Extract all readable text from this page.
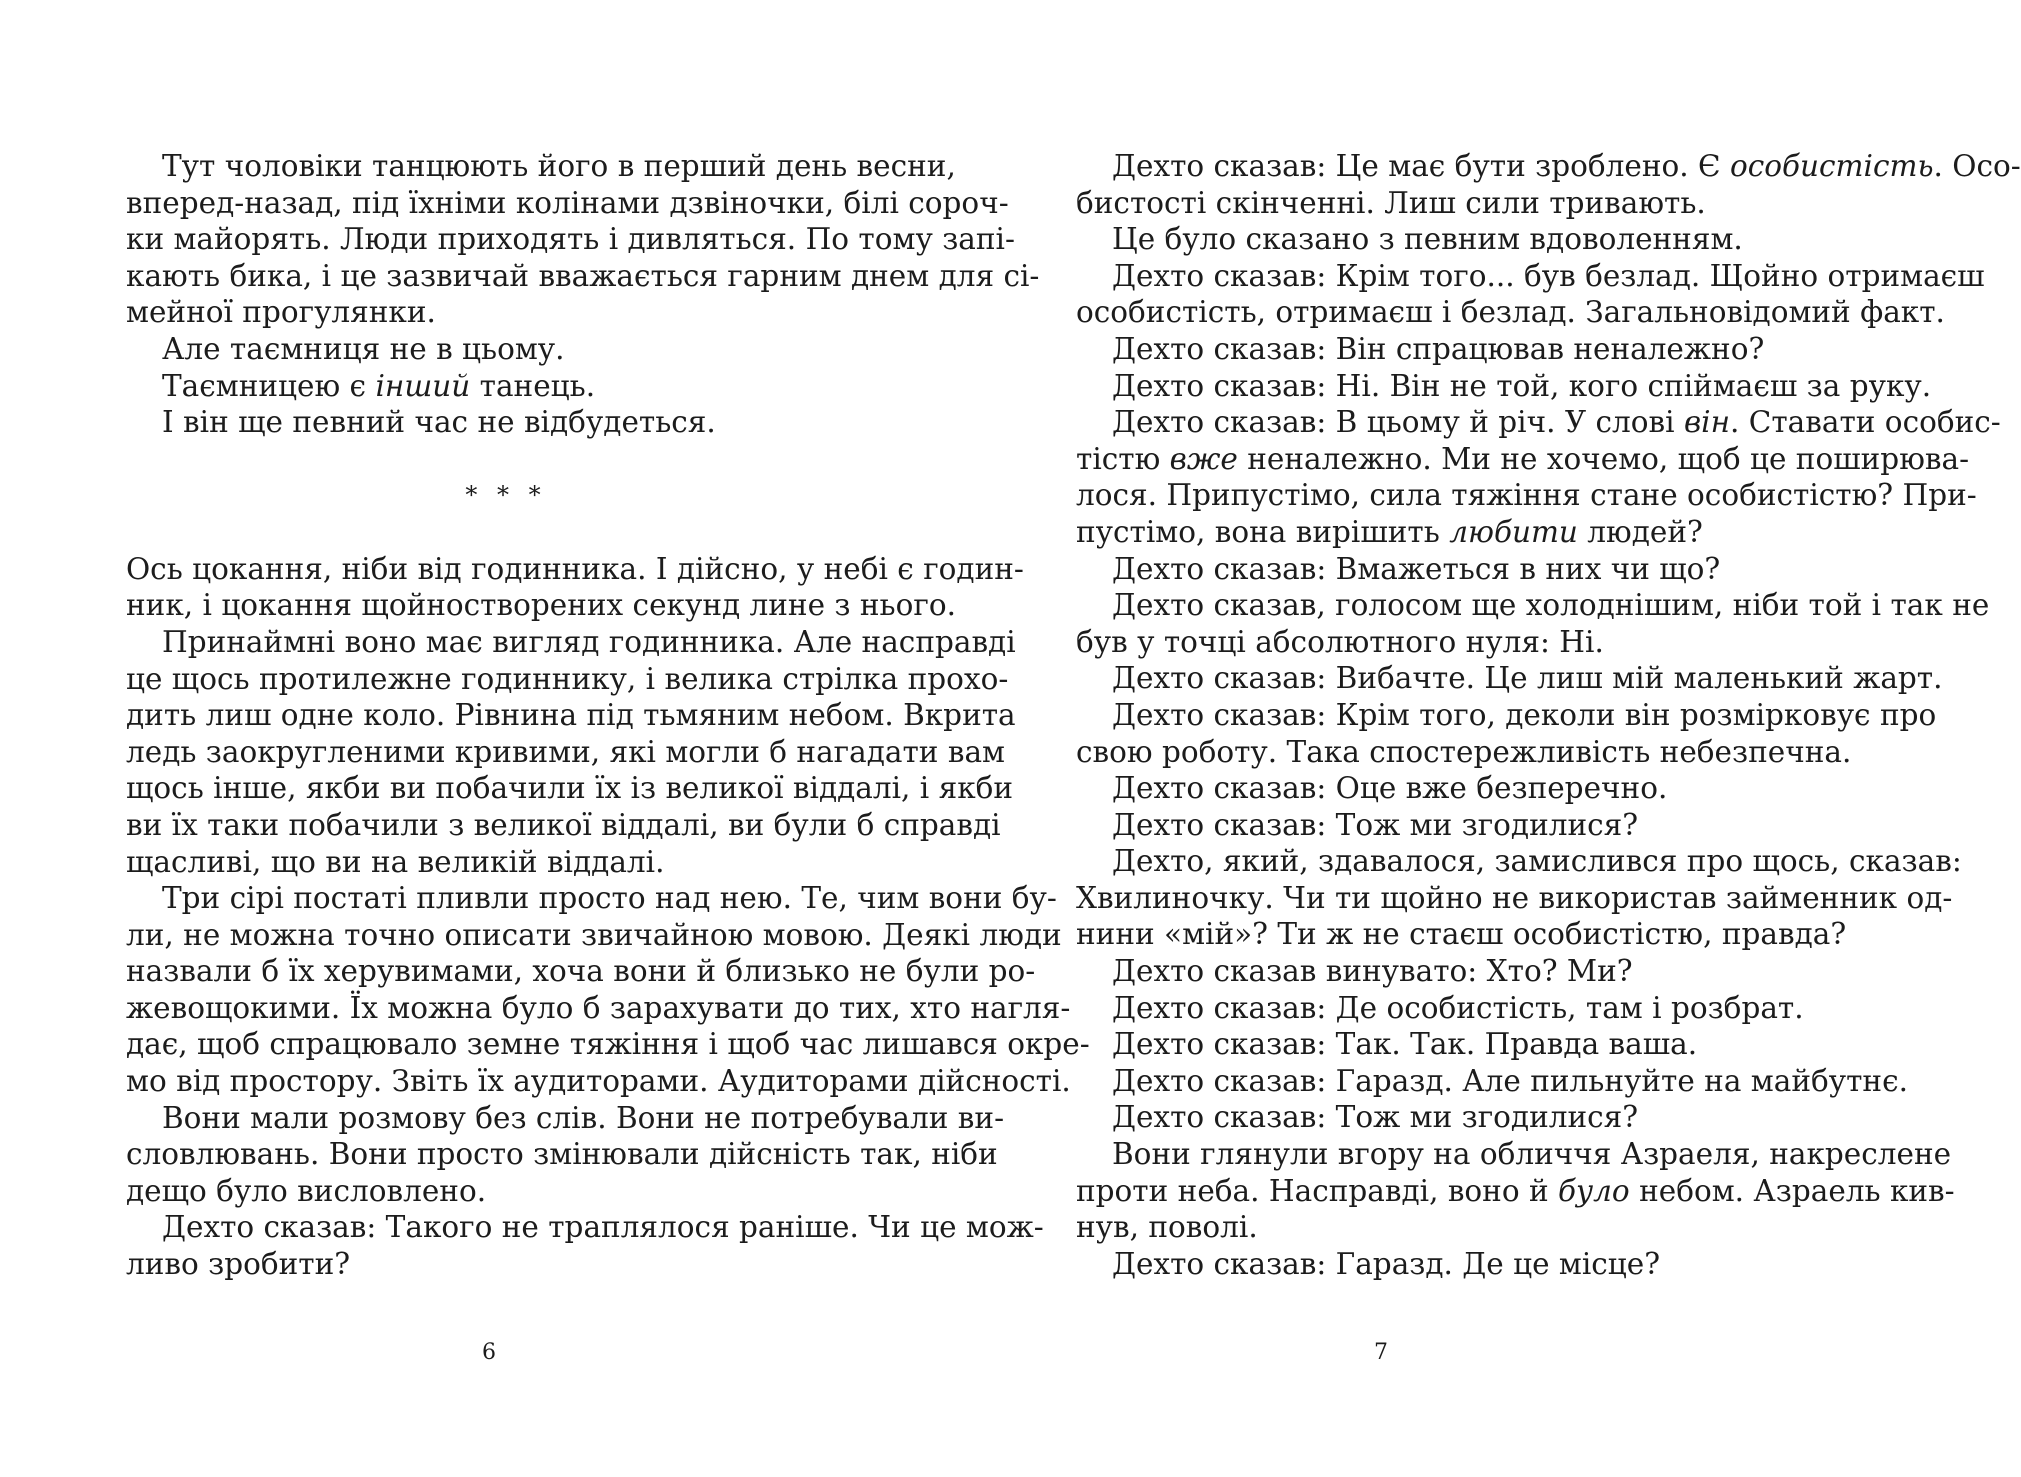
Тут чоловіки танцюють його в перший день весни,
вперед-назад, під їхніми колінами дзвіночки, білі сороч-
ки майорять. Люди приходять і дивляться. По тому запі-
кають бика, і це зазвичай вважається гарним днем для сі-
мейної прогулянки.
Але таємниця не в цьому.
Таємницею є інший танець.
І він ще певний час не відбудеться.
* * *
Ось цокання, ніби від годинника. І дійсно, у небі є годин-
ник, і цокання щойностворених секунд лине з нього.
Принаймні воно має вигляд годинника. Але насправді
це щось протилежне годиннику, і велика стрілка прохо-
дить лиш одне коло. Рівнина під тьмяним небом. Вкрита
ледь заокругленими кривими, які могли б нагадати вам
щось інше, якби ви побачили їх із великої віддалі, і якби
ви їх таки побачили з великої віддалі, ви були б справді
щасливі, що ви на великій віддалі.
Три сірі постаті пливли просто над нею. Те, чим вони бу-
ли, не можна точно описати звичайною мовою. Деякі люди
назвали б їх херувимами, хоча вони й близько не були ро-
жевощокими. Їх можна було б зарахувати до тих, хто нагля-
дає, щоб спрацювало земне тяжіння і щоб час лишався окре-
мо від простору. Звіть їх аудиторами. Аудиторами дійсності.
Вони мали розмову без слів. Вони не потребували ви-
словлювань. Вони просто змінювали дійсність так, ніби
дещо було висловлено.
Дехто сказав: Такого не траплялося раніше. Чи це мож-
ливо зробити?
6
Дехто сказав: Це має бути зроблено. Є особистість. Осо-
бистості скінченні. Лиш сили тривають.
Це було сказано з певним вдоволенням.
Дехто сказав: Крім того... був безлад. Щойно отримаєш
особистість, отримаєш і безлад. Загальновідомий факт.
Дехто сказав: Він спрацював неналежно?
Дехто сказав: Ні. Він не той, кого спіймаєш за руку.
Дехто сказав: В цьому й річ. У слові він. Ставати особис-
тістю вже неналежно. Ми не хочемо, щоб це поширюва-
лося. Припустімо, сила тяжіння стане особистістю? При-
пустімо, вона вирішить любити людей?
Дехто сказав: Вмажеться в них чи що?
Дехто сказав, голосом ще холоднішим, ніби той і так не
був у точці абсолютного нуля: Ні.
Дехто сказав: Вибачте. Це лиш мій маленький жарт.
Дехто сказав: Крім того, деколи він розмірковує про
свою роботу. Така спостережливість небезпечна.
Дехто сказав: Оце вже безперечно.
Дехто сказав: Тож ми згодилися?
Дехто, який, здавалося, замислився про щось, сказав:
Хвилиночку. Чи ти щойно не використав займенник од-
нини «мій»? Ти ж не стаєш особистістю, правда?
Дехто сказав винувато: Хто? Ми?
Дехто сказав: Де особистість, там і розбрат.
Дехто сказав: Так. Так. Правда ваша.
Дехто сказав: Гаразд. Але пильнуйте на майбутнє.
Дехто сказав: Тож ми згодилися?
Вони глянули вгору на обличчя Азраеля, накреслене
проти неба. Насправді, воно й було небом. Азраель кив-
нув, поволі.
Дехто сказав: Гаразд. Де це місце?
7
